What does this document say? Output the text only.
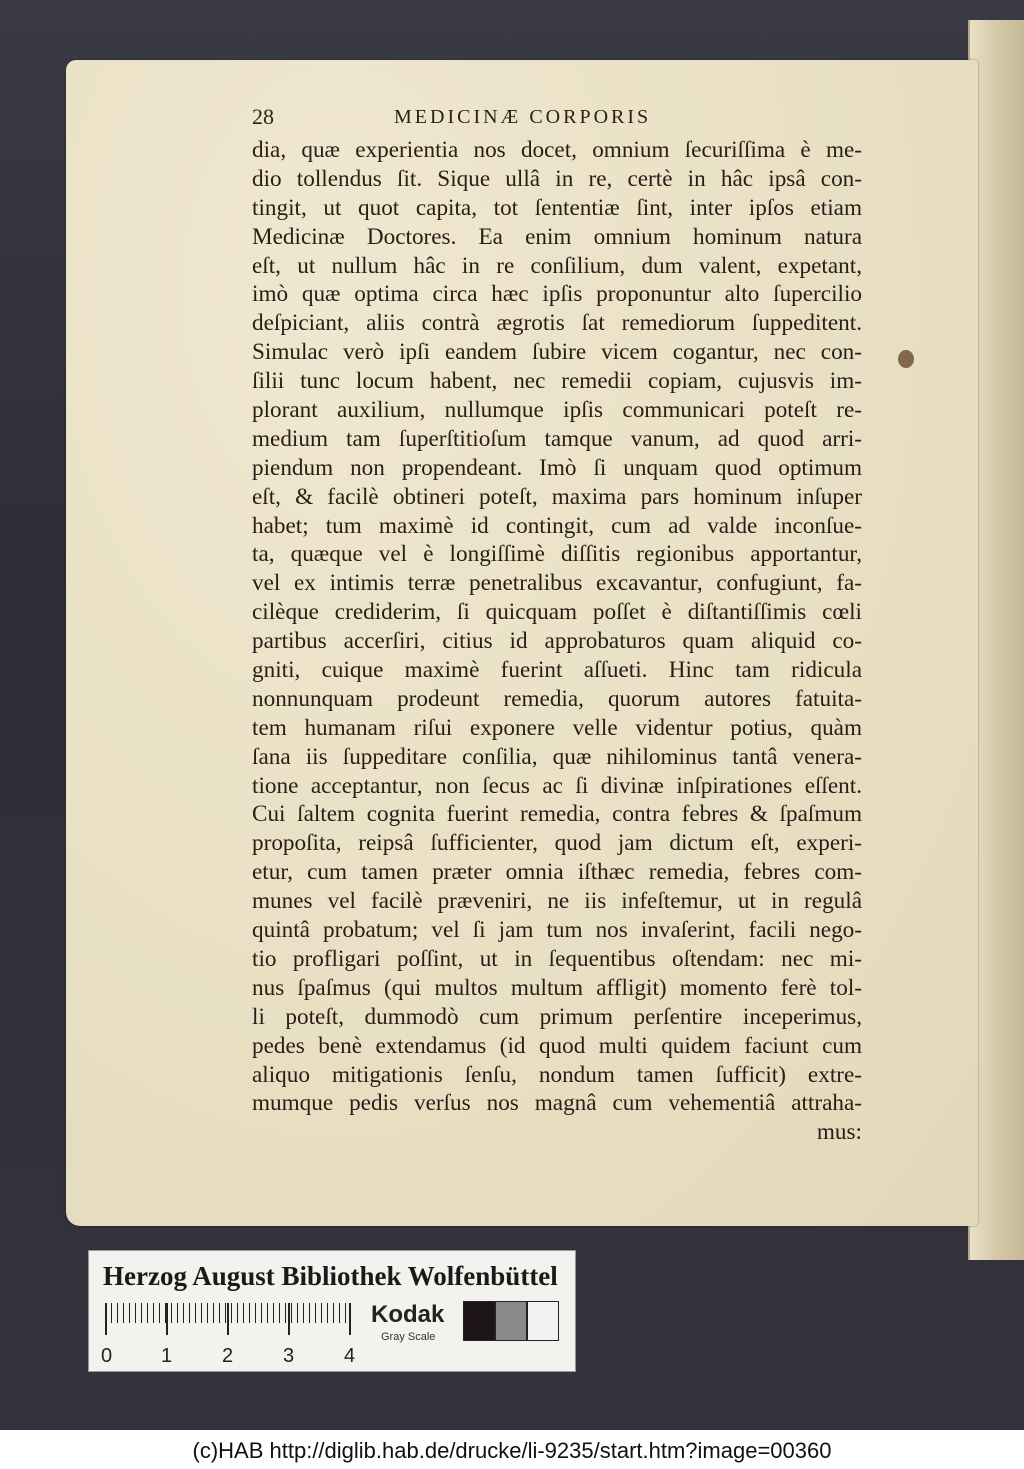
28	MEDICINÆ CORPORIS
dia, quæ experientia nos docet, omnium ſecuriſſima è me-
dio tollendus ſit. Sique ullâ in re, certè in hâc ipsâ con-
tingit, ut quot capita, tot ſententiæ ſint, inter ipſos etiam
Medicinæ Doctores. Ea enim omnium hominum natura
eſt, ut nullum hâc in re conſilium, dum valent, expetant,
imò quæ optima circa hæc ipſis proponuntur alto ſupercilio
deſpiciant, aliis contrà ægrotis ſat remediorum ſuppeditent.
Simulac verò ipſi eandem ſubire vicem cogantur, nec con-
ſilii tunc locum habent, nec remedii copiam, cujusvis im-
plorant auxilium, nullumque ipſis communicari poteſt re-
medium tam ſuperſtitioſum tamque vanum, ad quod arri-
piendum non propendeant. Imò ſi unquam quod optimum
eſt, & facilè obtineri poteſt, maxima pars hominum inſuper
habet; tum maximè id contingit, cum ad valde inconſue-
ta, quæque vel è longiſſimè diſſitis regionibus apportantur,
vel ex intimis terræ penetralibus excavantur, confugiunt, fa-
cilèque crediderim, ſi quicquam poſſet è diſtantiſſimis cœli
partibus accerſiri, citius id approbaturos quam aliquid co-
gniti, cuique maximè fuerint aſſueti. Hinc tam ridicula
nonnunquam prodeunt remedia, quorum autores fatuita-
tem humanam riſui exponere velle videntur potius, quàm
ſana iis ſuppeditare conſilia, quæ nihilominus tantâ venera-
tione acceptantur, non ſecus ac ſi divinæ inſpirationes eſſent.
Cui ſaltem cognita fuerint remedia, contra febres & ſpaſmum
propoſita, reipsâ ſufficienter, quod jam dictum eſt, experi-
etur, cum tamen præter omnia iſthæc remedia, febres com-
munes vel facilè præveniri, ne iis infeſtemur, ut in regulâ
quintâ probatum; vel ſi jam tum nos invaſerint, facili nego-
tio profligari poſſint, ut in ſequentibus oſtendam: nec mi-
nus ſpaſmus (qui multos multum affligit) momento ferè tol-
li poteſt, dummodò cum primum perſentire inceperimus,
pedes benè extendamus (id quod multi quidem faciunt cum
aliquo mitigationis ſenſu, nondum tamen ſufficit) extre-
mumque pedis verſus nos magnâ cum vehementiâ attraha-
mus:
Herzog August Bibliothek Wolfenbüttel
0 1 2 3 4
Kodak
Gray Scale
(c)HAB http://diglib.hab.de/drucke/li-9235/start.htm?image=00360
